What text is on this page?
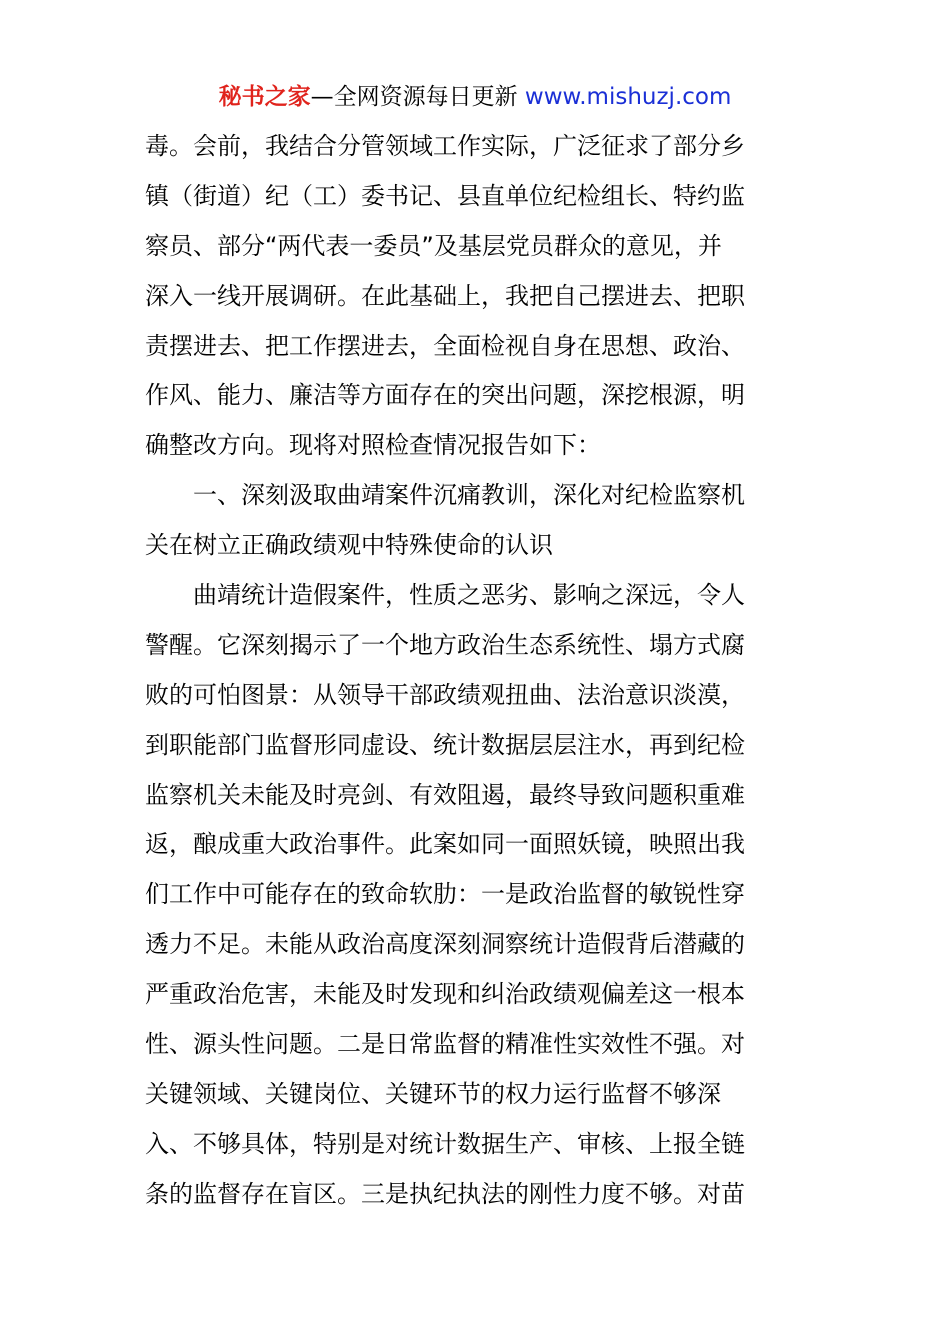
秘书之家—全网资源每日更新 www.mishuzj.com
毒。会前，我结合分管领域工作实际，广泛征求了部分乡
镇（街道）纪（工）委书记、县直单位纪检组长、特约监
察员、部分“两代表一委员”及基层党员群众的意见，并
深入一线开展调研。在此基础上，我把自己摆进去、把职
责摆进去、把工作摆进去，全面检视自身在思想、政治、
作风、能力、廉洁等方面存在的突出问题，深挖根源，明
确整改方向。现将对照检查情况报告如下：
一、深刻汲取曲靖案件沉痛教训，深化对纪检监察机
关在树立正确政绩观中特殊使命的认识
曲靖统计造假案件，性质之恶劣、影响之深远，令人
警醒。它深刻揭示了一个地方政治生态系统性、塌方式腐
败的可怕图景：从领导干部政绩观扭曲、法治意识淡漠，
到职能部门监督形同虚设、统计数据层层注水，再到纪检
监察机关未能及时亮剑、有效阻遏，最终导致问题积重难
返，酿成重大政治事件。此案如同一面照妖镜，映照出我
们工作中可能存在的致命软肋：一是政治监督的敏锐性穿
透力不足。未能从政治高度深刻洞察统计造假背后潜藏的
严重政治危害，未能及时发现和纠治政绩观偏差这一根本
性、源头性问题。二是日常监督的精准性实效性不强。对
关键领域、关键岗位、关键环节的权力运行监督不够深
入、不够具体，特别是对统计数据生产、审核、上报全链
条的监督存在盲区。三是执纪执法的刚性力度不够。对苗
